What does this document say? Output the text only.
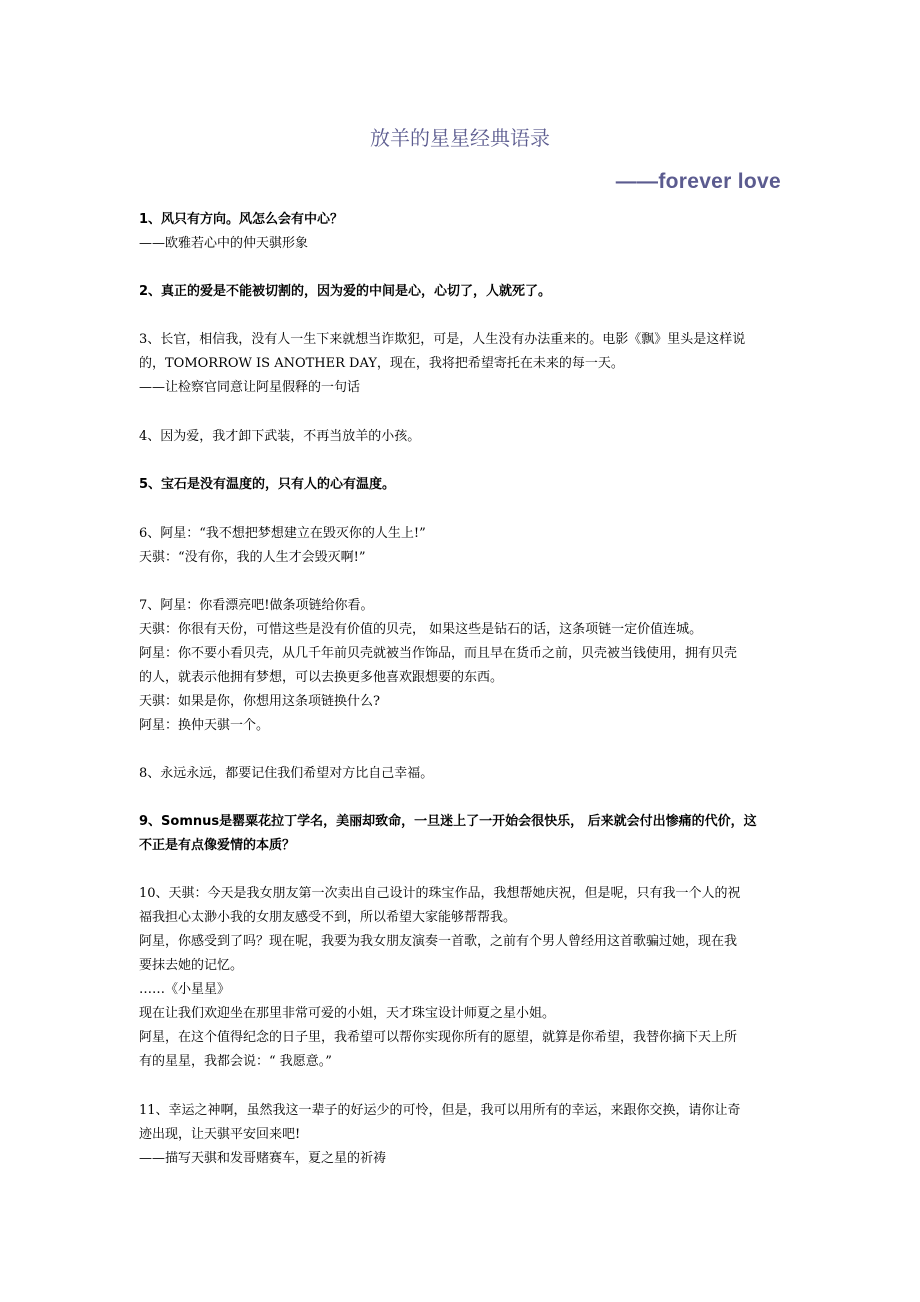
放羊的星星经典语录
——forever love
1、风只有方向。风怎么会有中心？
——欧雅若心中的仲天骐形象
2、真正的爱是不能被切割的，因为爱的中间是心，心切了，人就死了。
3、长官，相信我，没有人一生下来就想当诈欺犯，可是，人生没有办法重来的。电影《飘》里头是这样说
的，TOMORROW IS ANOTHER DAY，现在，我将把希望寄托在未来的每一天。
——让检察官同意让阿星假释的一句话
4、因为爱，我才卸下武装，不再当放羊的小孩。
5、宝石是没有温度的，只有人的心有温度。
6、阿星：“我不想把梦想建立在毁灭你的人生上!”
天骐：“没有你，我的人生才会毁灭啊!”
7、阿星：你看漂亮吧!做条项链给你看。
天骐：你很有天份，可惜这些是没有价值的贝壳， 如果这些是钻石的话，这条项链一定价值连城。
阿星：你不要小看贝壳，从几千年前贝壳就被当作饰品，而且早在货币之前，贝壳被当钱使用，拥有贝壳
的人，就表示他拥有梦想，可以去换更多他喜欢跟想要的东西。
天骐：如果是你，你想用这条项链换什么?
阿星：换仲天骐一个。
8、永远永远，都要记住我们希望对方比自己幸福。
9、Somnus是罂粟花拉丁学名，美丽却致命，一旦迷上了一开始会很快乐， 后来就会付出惨痛的代价，这
不正是有点像爱情的本质？
10、天骐：今天是我女朋友第一次卖出自己设计的珠宝作品，我想帮她庆祝，但是呢，只有我一个人的祝
福我担心太渺小我的女朋友感受不到，所以希望大家能够帮帮我。
阿星，你感受到了吗？现在呢，我要为我女朋友演奏一首歌，之前有个男人曾经用这首歌骗过她，现在我
要抹去她的记忆。
……《小星星》
现在让我们欢迎坐在那里非常可爱的小姐，天才珠宝设计师夏之星小姐。
阿星，在这个值得纪念的日子里，我希望可以帮你实现你所有的愿望，就算是你希望，我替你摘下天上所
有的星星，我都会说：“ 我愿意。”
11、幸运之神啊，虽然我这一辈子的好运少的可怜，但是，我可以用所有的幸运，来跟你交换，请你让奇
迹出现，让天骐平安回来吧!
——描写天骐和发哥赌赛车，夏之星的祈祷
